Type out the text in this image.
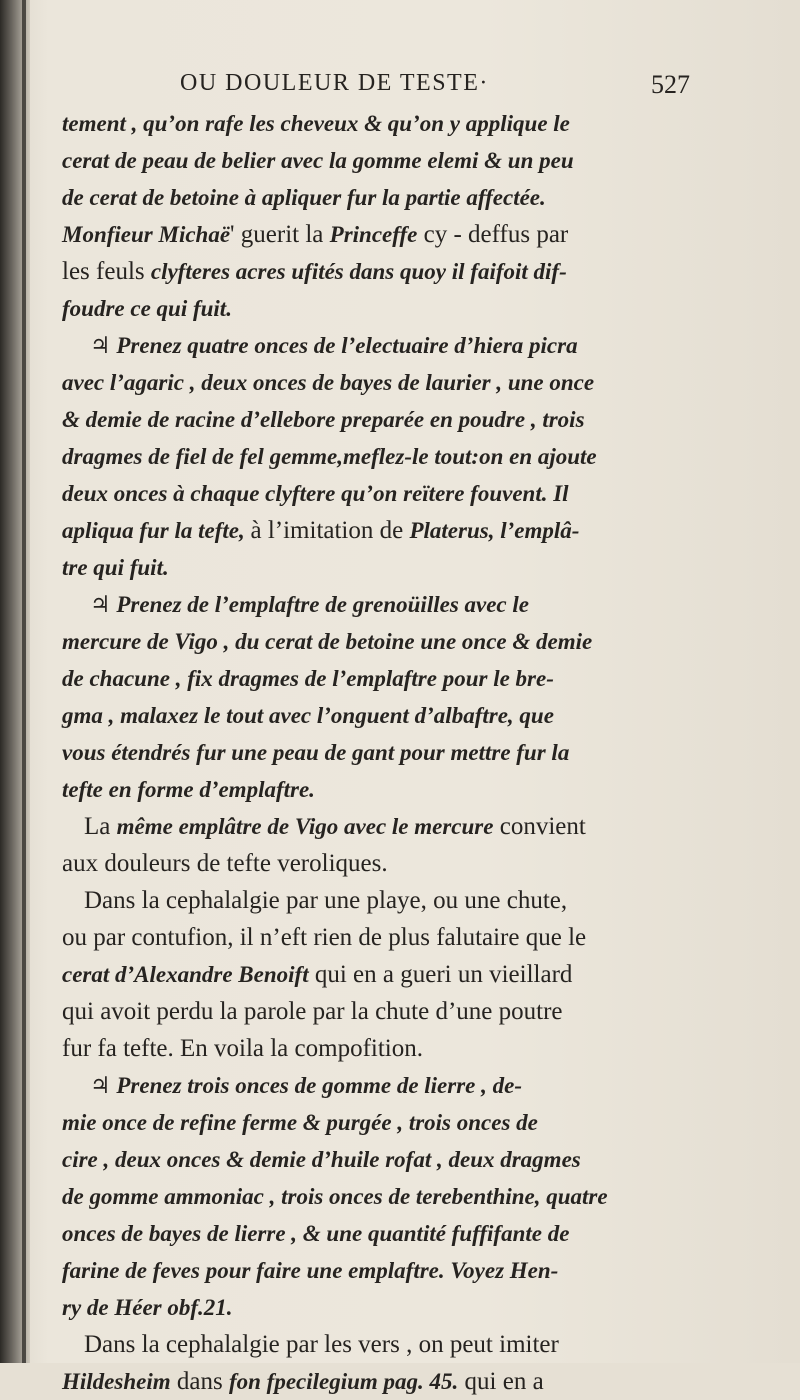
OU DOULEUR DE TESTE·	527
tement , qu’on rafe les cheveux & qu’on y applique le
cerat de peau de belier avec la gomme elemi & un peu
de cerat de betoine à apliquer fur la partie affectée.
Monfieur Michaë' guerit la Princeffe cy - deffus par
les feuls clyfteres acres ufités dans quoy il faifoit dif-
foudre ce qui fuit.
♃ Prenez quatre onces de l’electuaire d’hiera picra
avec l’agaric , deux onces de bayes de laurier , une once
& demie de racine d’ellebore preparée en poudre , trois
dragmes de fiel de fel gemme,meflez-le tout:on en ajoute
deux onces à chaque clyftere qu’on reïtere fouvent. Il
apliqua fur la tefte, à l’imitation de Platerus, l’emplâ-
tre qui fuit.
♃ Prenez de l’emplaftre de grenoüilles avec le
mercure de Vigo , du cerat de betoine une once & demie
de chacune , fix dragmes de l’emplaftre pour le bre-
gma , malaxez le tout avec l’onguent d’albaftre, que
vous étendrés fur une peau de gant pour mettre fur la
tefte en forme d’emplaftre.
La même emplâtre de Vigo avec le mercure convient
aux douleurs de tefte veroliques.
Dans la cephalalgie par une playe, ou une chute,
ou par contufion, il n’eft rien de plus falutaire que le
cerat d’Alexandre Benoift qui en a gueri un vieillard
qui avoit perdu la parole par la chute d’une poutre
fur fa tefte. En voila la compofition.
♃ Prenez trois onces de gomme de lierre , de-
mie once de refine ferme & purgée , trois onces de
cire , deux onces & demie d’huile rofat , deux dragmes
de gomme ammoniac , trois onces de terebenthine, quatre
onces de bayes de lierre , & une quantité fuffifante de
farine de feves pour faire une emplaftre. Voyez Hen-
ry de Héer obf.21.
Dans la cephalalgie par les vers , on peut imiter
Hildesheim dans fon fpecilegium pag. 45. qui en a
